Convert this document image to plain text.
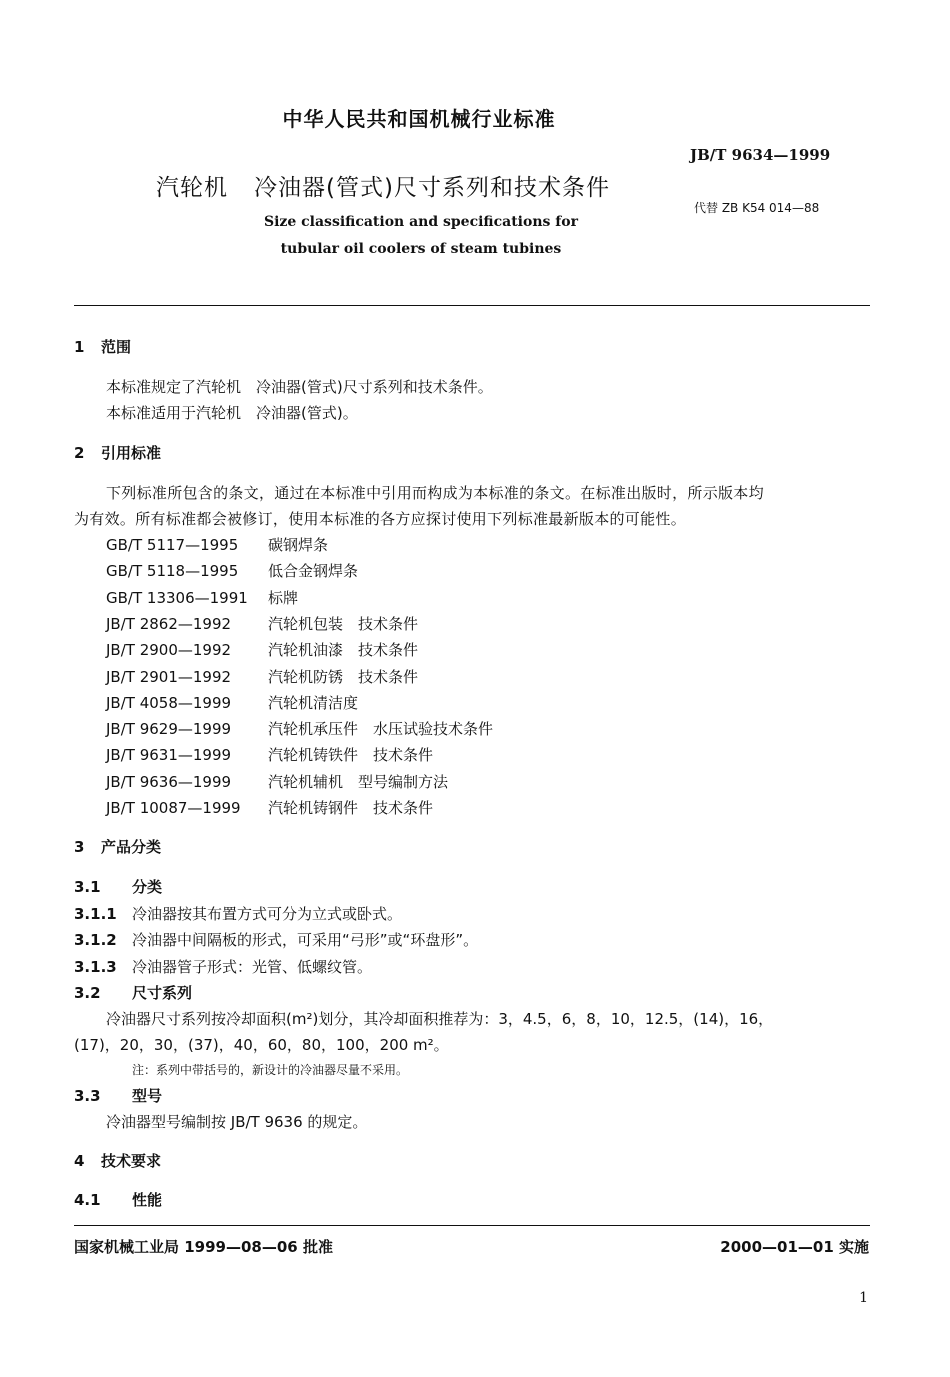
中华人民共和国机械行业标准
JB/T 9634—1999
汽轮机 冷油器(管式)尺寸系列和技术条件
代替 ZB K54 014—88
Size classification and specifications for
tubular oil coolers of steam tubines
1 范围
本标准规定了汽轮机　冷油器(管式)尺寸系列和技术条件。
本标准适用于汽轮机　冷油器(管式)。
2 引用标准
下列标准所包含的条文，通过在本标准中引用而构成为本标准的条文。在标准出版时，所示版本均
为有效。所有标准都会被修订，使用本标准的各方应探讨使用下列标准最新版本的可能性。
GB/T 5117—1995 碳钢焊条
GB/T 5118—1995 低合金钢焊条
GB/T 13306—1991 标牌
JB/T 2862—1992 汽轮机包装　技术条件
JB/T 2900—1992 汽轮机油漆　技术条件
JB/T 2901—1992 汽轮机防锈　技术条件
JB/T 4058—1999 汽轮机清洁度
JB/T 9629—1999 汽轮机承压件　水压试验技术条件
JB/T 9631—1999 汽轮机铸铁件　技术条件
JB/T 9636—1999 汽轮机辅机　型号编制方法
JB/T 10087—1999 汽轮机铸钢件　技术条件
3 产品分类
3.1 分类
3.1.1 冷油器按其布置方式可分为立式或卧式。
3.1.2 冷油器中间隔板的形式，可采用“弓形”或“环盘形”。
3.1.3 冷油器管子形式：光管、低螺纹管。
3.2 尺寸系列
冷油器尺寸系列按冷却面积(m²)划分，其冷却面积推荐为：3，4.5，6，8，10，12.5，(14)，16，
(17)，20，30，(37)，40，60，80，100，200 m²。
注：系列中带括号的，新设计的冷油器尽量不采用。
3.3 型号
冷油器型号编制按 JB/T 9636 的规定。
4 技术要求
4.1 性能
国家机械工业局 1999—08—06 批准	2000—01—01 实施
1
